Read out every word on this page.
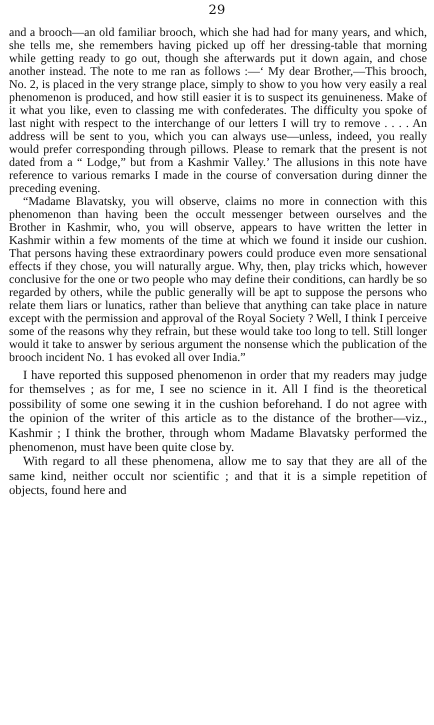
29

and a brooch—an old familiar brooch, which she had had for many years, and which, she tells me, she remembers having picked up off her dressing-table that morning while getting ready to go out, though she afterwards put it down again, and chose another instead. The note to me ran as follows :—‘ My dear Brother,—This brooch, No. 2, is placed in the very strange place, simply to show to you how very easily a real phenomenon is produced, and how still easier it is to suspect its genuineness. Make of it what you like, even to classing me with confederates. The difficulty you spoke of last night with respect to the interchange of our letters I will try to remove . . . . An address will be sent to you, which you can always use—unless, indeed, you really would prefer corresponding through pillows. Please to remark that the present is not dated from a “ Lodge,” but from a Kashmir Valley.’ The allusions in this note have reference to various remarks I made in the course of conversation during dinner the preceding evening.

“Madame Blavatsky, you will observe, claims no more in connection with this phenomenon than having been the occult messenger between ourselves and the Brother in Kashmir, who, you will observe, appears to have written the letter in Kashmir within a few moments of the time at which we found it inside our cushion. That persons having these extraordinary powers could produce even more sensational effects if they chose, you will naturally argue. Why, then, play tricks which, however conclusive for the one or two people who may define their conditions, can hardly be so regarded by others, while the public generally will be apt to suppose the persons who relate them liars or lunatics, rather than believe that anything can take place in nature except with the permission and approval of the Royal Society ? Well, I think I perceive some of the reasons why they refrain, but these would take too long to tell. Still longer would it take to answer by serious argument the nonsense which the publication of the brooch incident No. 1 has evoked all over India.”

I have reported this supposed phenomenon in order that my readers may judge for themselves ; as for me, I see no science in it. All I find is the theoretical possibility of some one sewing it in the cushion beforehand. I do not agree with the opinion of the writer of this article as to the distance of the brother—viz., Kashmir ; I think the brother, through whom Madame Blavatsky performed the phenomenon, must have been quite close by.

With regard to all these phenomena, allow me to say that they are all of the same kind, neither occult nor scientific ; and that it is a simple repetition of objects, found here and
